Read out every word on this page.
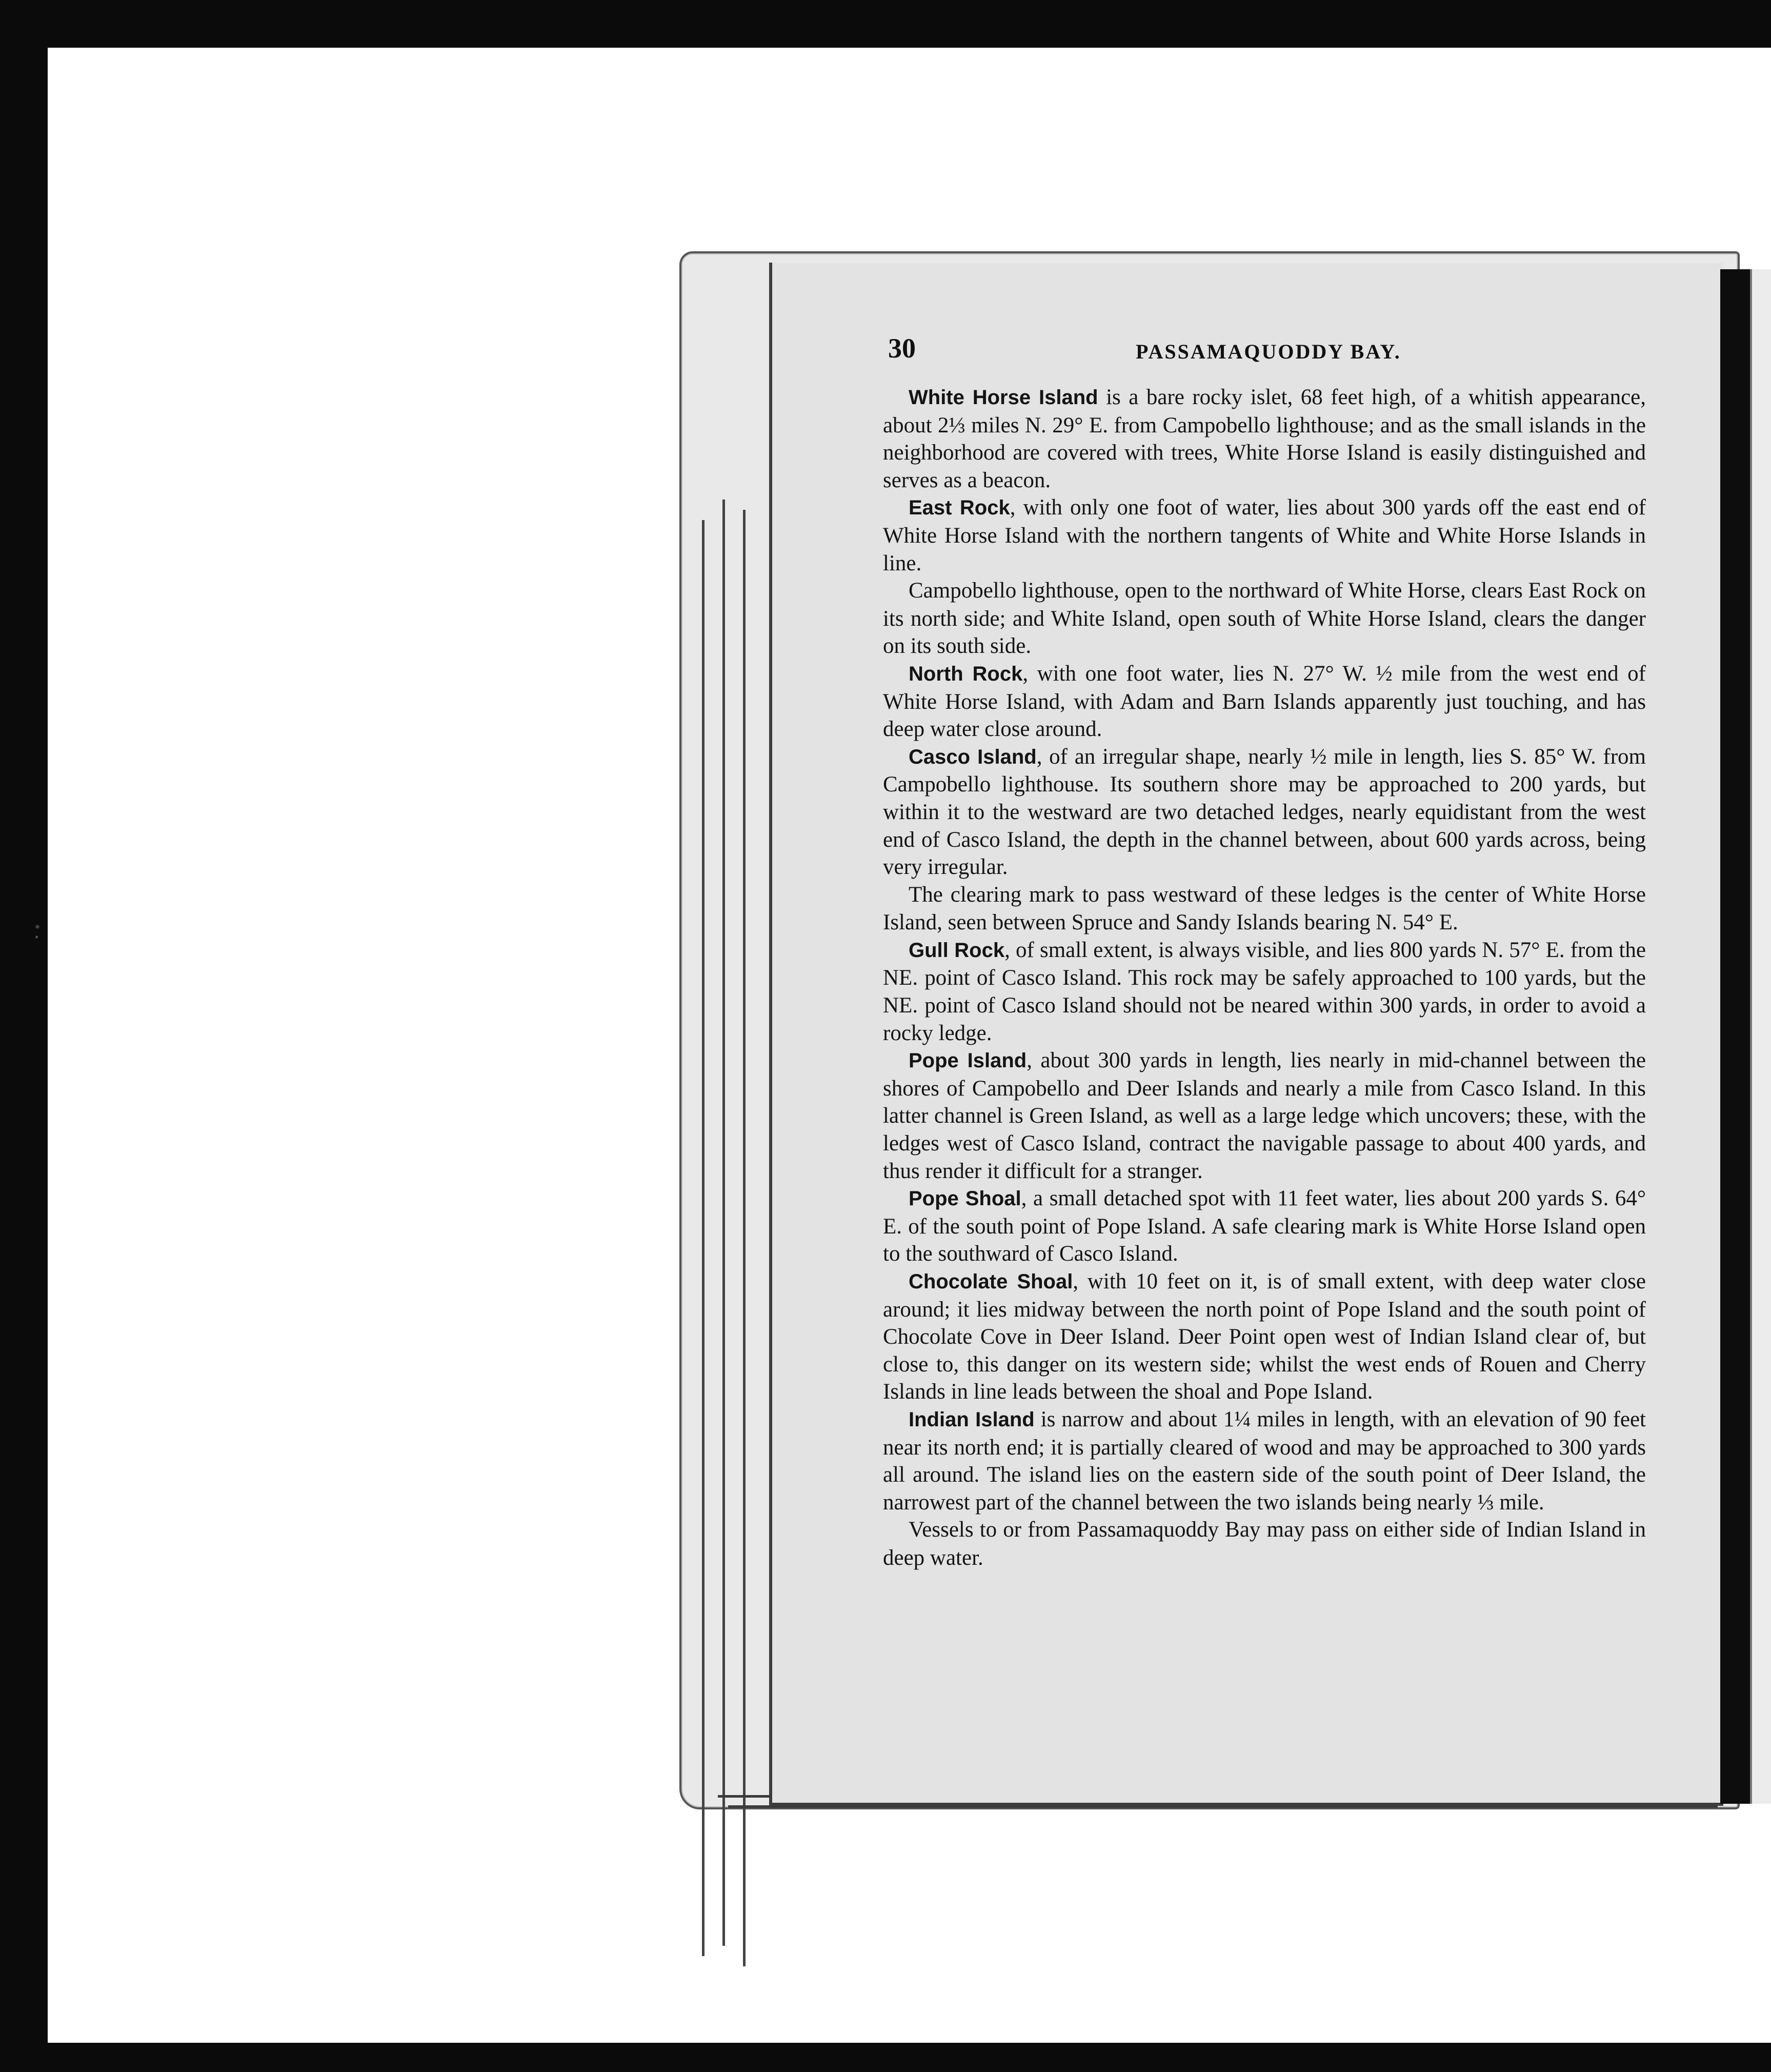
30	PASSAMAQUODDY BAY.

White Horse Island is a bare rocky islet, 68 feet high, of a whitish appearance, about 2⅓ miles N. 29° E. from Campobello lighthouse; and as the small islands in the neighborhood are covered with trees, White Horse Island is easily distinguished and serves as a beacon.

East Rock, with only one foot of water, lies about 300 yards off the east end of White Horse Island with the northern tangents of White and White Horse Islands in line.

Campobello lighthouse, open to the northward of White Horse, clears East Rock on its north side; and White Island, open south of White Horse Island, clears the danger on its south side.

North Rock, with one foot water, lies N. 27° W. ½ mile from the west end of White Horse Island, with Adam and Barn Islands apparently just touching, and has deep water close around.

Casco Island, of an irregular shape, nearly ½ mile in length, lies S. 85° W. from Campobello lighthouse. Its southern shore may be approached to 200 yards, but within it to the westward are two detached ledges, nearly equidistant from the west end of Casco Island, the depth in the channel between, about 600 yards across, being very irregular.

The clearing mark to pass westward of these ledges is the center of White Horse Island, seen between Spruce and Sandy Islands bearing N. 54° E.

Gull Rock, of small extent, is always visible, and lies 800 yards N. 57° E. from the NE. point of Casco Island. This rock may be safely approached to 100 yards, but the NE. point of Casco Island should not be neared within 300 yards, in order to avoid a rocky ledge.

Pope Island, about 300 yards in length, lies nearly in mid-channel between the shores of Campobello and Deer Islands and nearly a mile from Casco Island. In this latter channel is Green Island, as well as a large ledge which uncovers; these, with the ledges west of Casco Island, contract the navigable passage to about 400 yards, and thus render it difficult for a stranger.

Pope Shoal, a small detached spot with 11 feet water, lies about 200 yards S. 64° E. of the south point of Pope Island. A safe clearing mark is White Horse Island open to the southward of Casco Island.

Chocolate Shoal, with 10 feet on it, is of small extent, with deep water close around; it lies midway between the north point of Pope Island and the south point of Chocolate Cove in Deer Island. Deer Point open west of Indian Island clear of, but close to, this danger on its western side; whilst the west ends of Rouen and Cherry Islands in line leads between the shoal and Pope Island.

Indian Island is narrow and about 1¼ miles in length, with an elevation of 90 feet near its north end; it is partially cleared of wood and may be approached to 300 yards all around. The island lies on the eastern side of the south point of Deer Island, the narrowest part of the channel between the two islands being nearly ⅓ mile.

Vessels to or from Passamaquoddy Bay may pass on either side of Indian Island in deep water.
